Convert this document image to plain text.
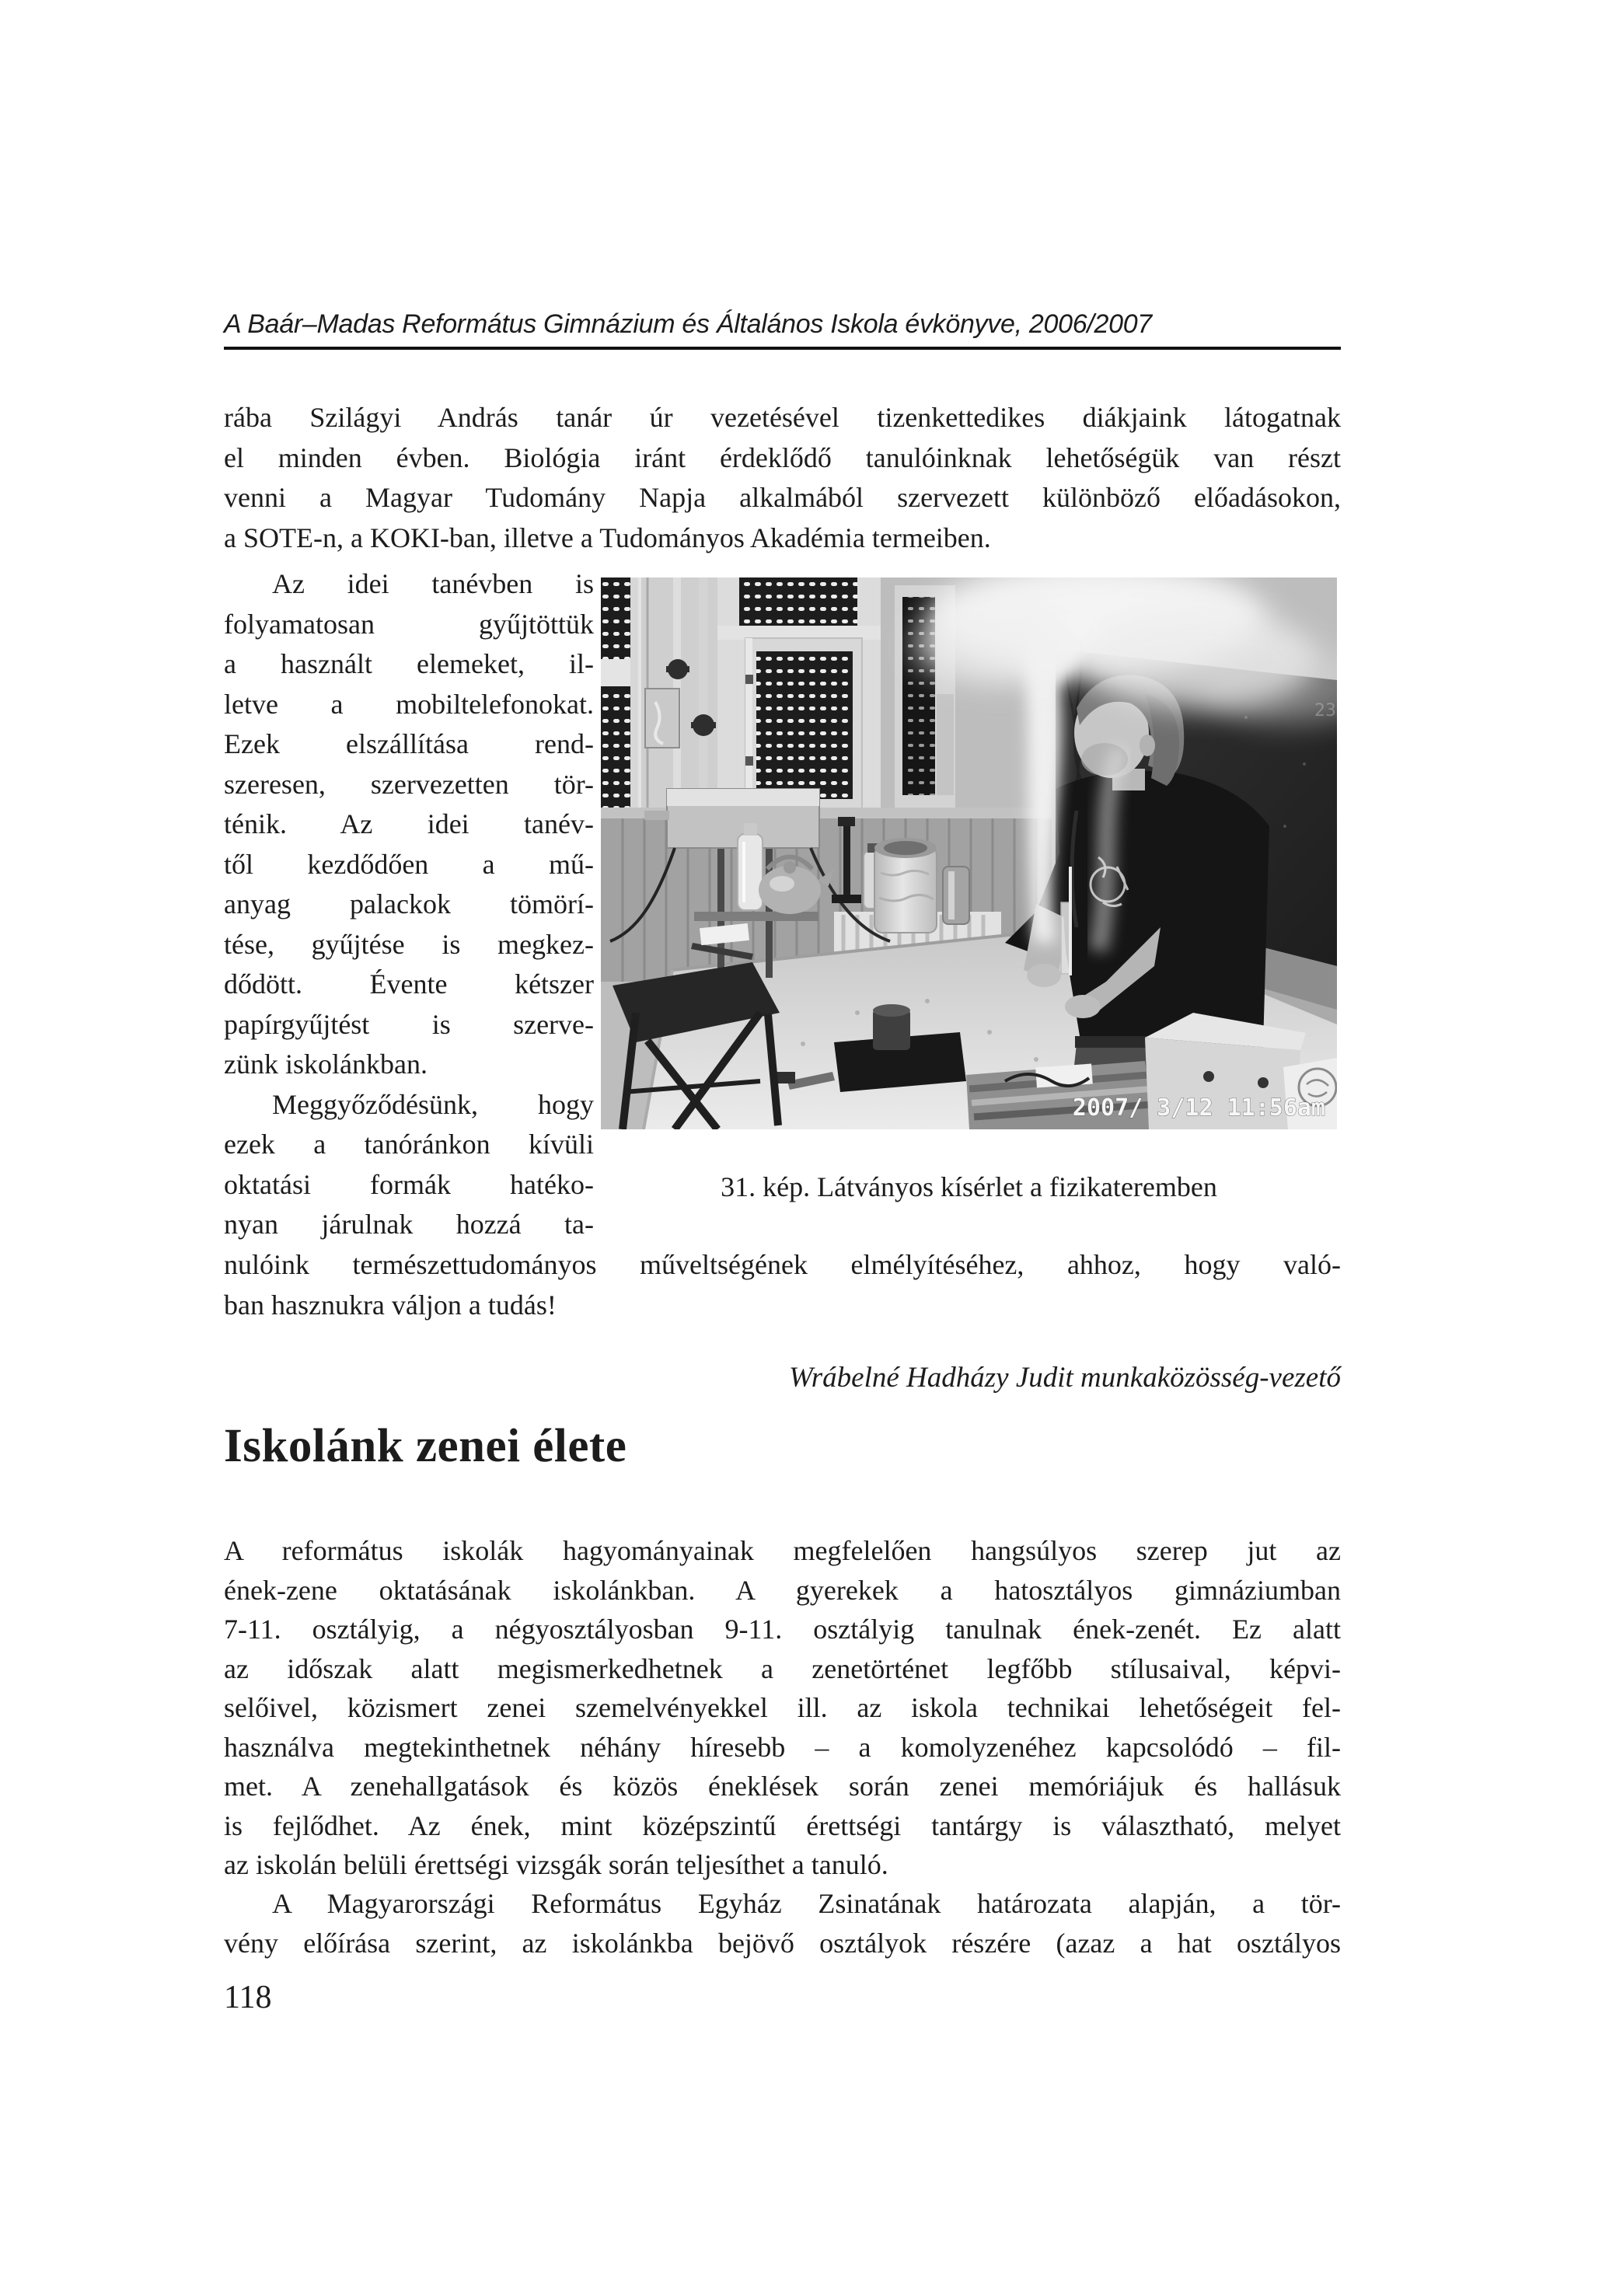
A Baár–Madas Református Gimnázium és Általános Iskola évkönyve, 2006/2007
rába Szilágyi András tanár úr vezetésével tizenkettedikes diákjaink látogatnak
el minden évben. Biológia iránt érdeklődő tanulóinknak lehetőségük van részt
venni a Magyar Tudomány Napja alkalmából szervezett különböző előadásokon,
a SOTE-n, a KOKI-ban, illetve a Tudományos Akadémia termeiben.
Az idei tanévben is
folyamatosan gyűjtöttük
a használt elemeket, il-
letve a mobiltelefonokat.
Ezek elszállítása rend-
szeresen, szervezetten tör-
ténik. Az idei tanév-
től kezdődően a mű-
anyag palackok tömörí-
tése, gyűjtése is megkez-
dődött. Évente kétszer
papírgyűjtést is szerve-
zünk iskolánkban.
Meggyőződésünk, hogy
ezek a tanóránkon kívüli
oktatási formák hatéko-
nyan járulnak hozzá ta-
23
2007/ 3/12 11:56am
31. kép. Látványos kísérlet a fizikateremben
nulóink természettudományos műveltségének elmélyítéséhez, ahhoz, hogy való-
ban hasznukra váljon a tudás!
Wrábelné Hadházy Judit munkaközösség-vezető
Iskolánk zenei élete
A református iskolák hagyományainak megfelelően hangsúlyos szerep jut az
ének-zene oktatásának iskolánkban. A gyerekek a hatosztályos gimnáziumban
7-11. osztályig, a négyosztályosban 9-11. osztályig tanulnak ének-zenét. Ez alatt
az időszak alatt megismerkedhetnek a zenetörténet legfőbb stílusaival, képvi-
selőivel, közismert zenei szemelvényekkel ill. az iskola technikai lehetőségeit fel-
használva megtekinthetnek néhány híresebb – a komolyzenéhez kapcsolódó – fil-
met. A zenehallgatások és közös éneklések során zenei memóriájuk és hallásuk
is fejlődhet. Az ének, mint középszintű érettségi tantárgy is választható, melyet
az iskolán belüli érettségi vizsgák során teljesíthet a tanuló.
A Magyarországi Református Egyház Zsinatának határozata alapján, a tör-
vény előírása szerint, az iskolánkba bejövő osztályok részére (azaz a hat osztályos
118
